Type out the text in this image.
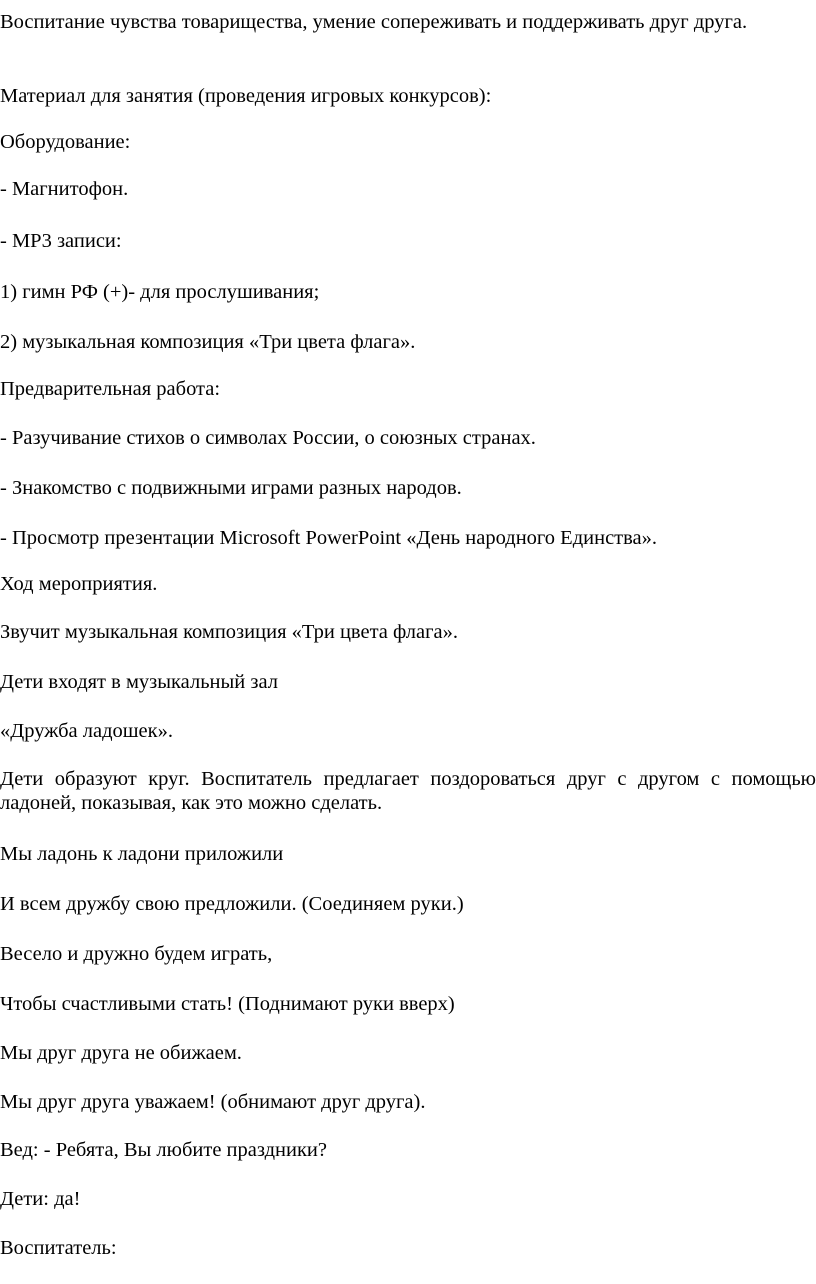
Воспитание чувства товарищества, умение сопереживать и поддерживать друг друга.

Материал для занятия (проведения игровых конкурсов):

Оборудование:

- Магнитофон.

- МР3 записи:

1) гимн РФ (+)- для прослушивания;

2) музыкальная композиция «Три цвета флага».

Предварительная работа:

- Разучивание стихов о символах России, о союзных странах.

- Знакомство с подвижными играми разных народов.

- Просмотр презентации Microsoft PowerPoint «День народного Единства».

Ход мероприятия.

Звучит музыкальная композиция «Три цвета флага».

Дети входят в музыкальный зал

«Дружба ладошек».

Дети образуют круг. Воспитатель предлагает поздороваться друг с другом с помощью ладоней, показывая, как это можно сделать.

Мы ладонь к ладони приложили

И всем дружбу свою предложили. (Соединяем руки.)

Весело и дружно будем играть,

Чтобы счастливыми стать! (Поднимают руки вверх)

Мы друг друга не обижаем.

Мы друг друга уважаем! (обнимают друг друга).

Вед: - Ребята, Вы любите праздники?

Дети: да!

Воспитатель:
